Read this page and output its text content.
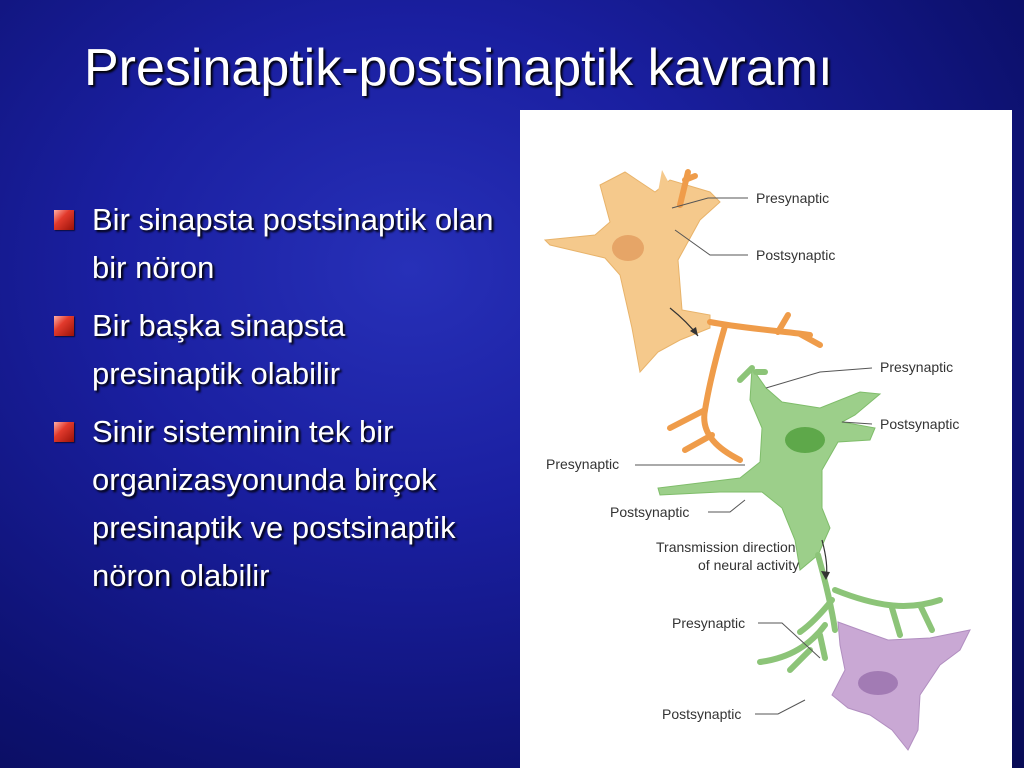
Presinaptik-postsinaptik kavramı
Bir sinapsta postsinaptik olan bir nöron
Bir başka sinapsta presinaptik olabilir
Sinir sisteminin tek bir organizasyonunda birçok presinaptik ve postsinaptik nöron olabilir
Presynaptic
Postsynaptic
Presynaptic
Postsynaptic
Presynaptic
Postsynaptic
Transmission direction
of neural activity
Presynaptic
Postsynaptic
